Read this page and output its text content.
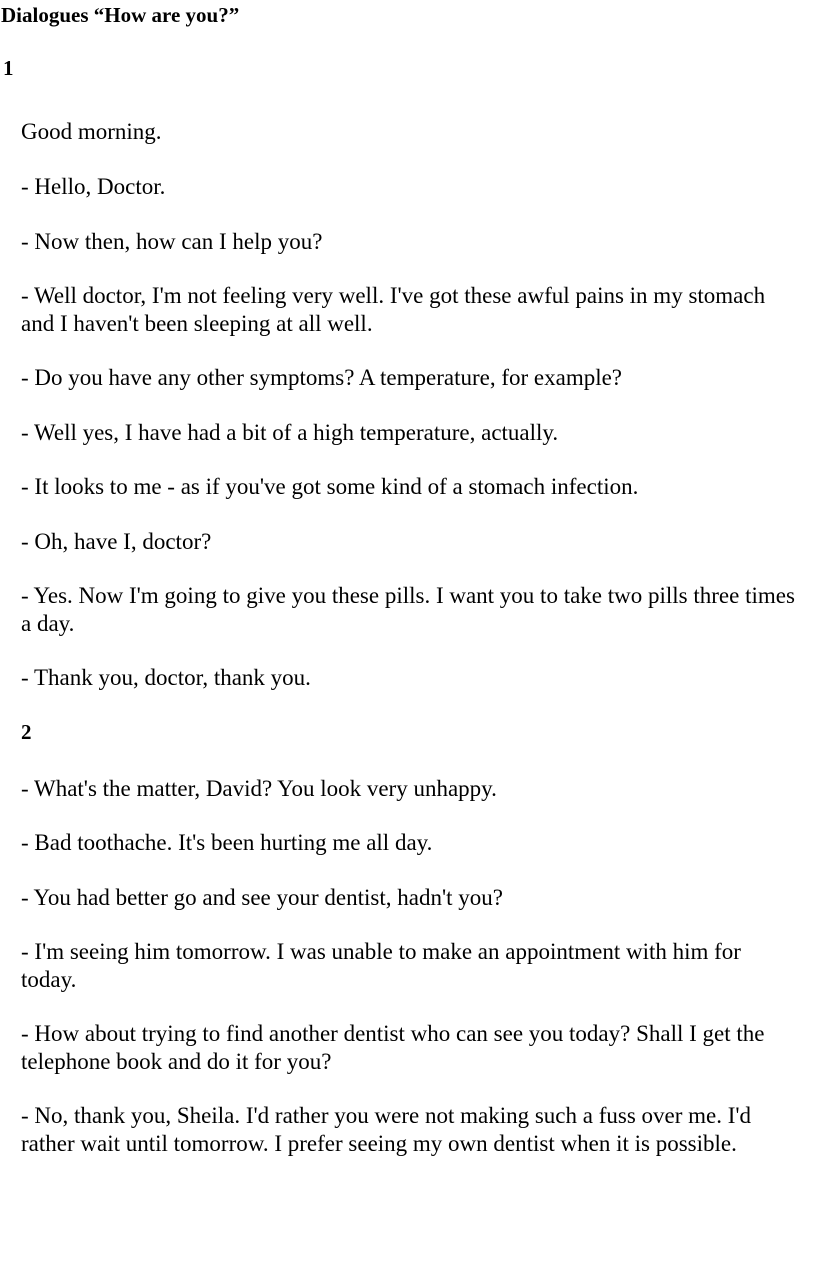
Dialogues “How are you?”

1

Good morning.

- Hello, Doctor.

- Now then, how can I help you?

- Well doctor, I'm not feeling very well. I've got these awful pains in my stomach and I haven't been sleeping at all well.

- Do you have any other symptoms? A temperature, for example?

- Well yes, I have had a bit of a high temperature, actually.

- It looks to me - as if you've got some kind of a stomach infection.

- Oh, have I, doctor?

- Yes. Now I'm going to give you these pills. I want you to take two pills three times a day.

- Thank you, doctor, thank you.

2

- What's the matter, David? You look very unhappy.

- Bad toothache. It's been hurting me all day.

- You had better go and see your dentist, hadn't you?

- I'm seeing him tomorrow. I was unable to make an appointment with him for today.

- How about trying to find another dentist who can see you today? Shall I get the telephone book and do it for you?

- No, thank you, Sheila. I'd rather you were not making such a fuss over me. I'd rather wait until tomorrow. I prefer seeing my own dentist when it is possible.
